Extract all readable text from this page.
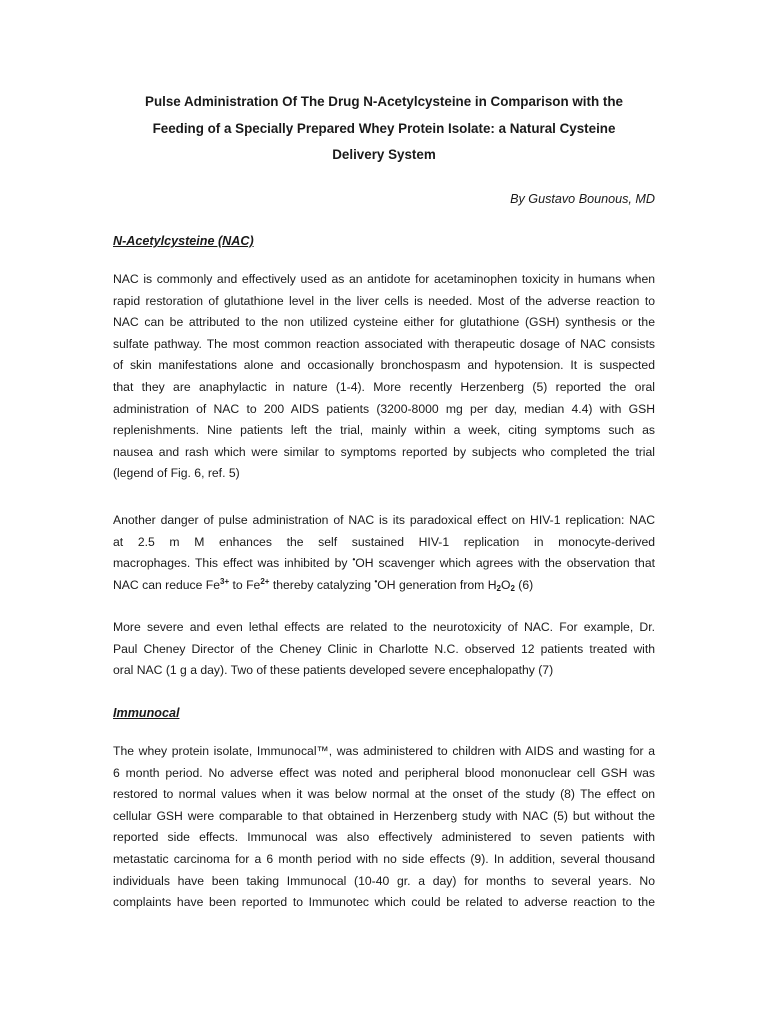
Pulse Administration Of The Drug N-Acetylcysteine in Comparison with the
Feeding of a Specially Prepared Whey Protein Isolate: a Natural Cysteine
Delivery System
By Gustavo Bounous, MD
N-Acetylcysteine (NAC)
NAC is commonly and effectively used as an antidote for acetaminophen toxicity in humans when
rapid restoration of glutathione level in the liver cells is needed. Most of the adverse reaction to
NAC can be attributed to the non utilized cysteine either for glutathione (GSH) synthesis or the
sulfate pathway. The most common reaction associated with therapeutic dosage of NAC consists
of skin manifestations alone and occasionally bronchospasm and hypotension. It is suspected
that they are anaphylactic in nature (1-4). More recently Herzenberg (5) reported the oral
administration of NAC to 200 AIDS patients (3200-8000 mg per day, median 4.4) with GSH
replenishments. Nine patients left the trial, mainly within a week, citing symptoms such as
nausea and rash which were similar to symptoms reported by subjects who completed the trial
(legend of Fig. 6, ref. 5)
Another danger of pulse administration of NAC is its paradoxical effect on HIV-1 replication: NAC
at 2.5 m M enhances the self sustained HIV-1 replication in monocyte-derived
macrophages. This effect was inhibited by •OH scavenger which agrees with the observation that
NAC can reduce $Fe^{3+}$ to $Fe^{2+}$ thereby catalyzing •OH generation from $H_2O_2$ (6)
More severe and even lethal effects are related to the neurotoxicity of NAC. For example, Dr.
Paul Cheney Director of the Cheney Clinic in Charlotte N.C. observed 12 patients treated with
oral NAC (1 g a day). Two of these patients developed severe encephalopathy (7)
Immunocal
The whey protein isolate, Immunocal™, was administered to children with AIDS and wasting for a
6 month period. No adverse effect was noted and peripheral blood mononuclear cell GSH was
restored to normal values when it was below normal at the onset of the study (8) The effect on
cellular GSH were comparable to that obtained in Herzenberg study with NAC (5) but without the
reported side effects. Immunocal was also effectively administered to seven patients with
metastatic carcinoma for a 6 month period with no side effects (9). In addition, several thousand
individuals have been taking Immunocal (10-40 gr. a day) for months to several years. No
complaints have been reported to Immunotec which could be related to adverse reaction to the
